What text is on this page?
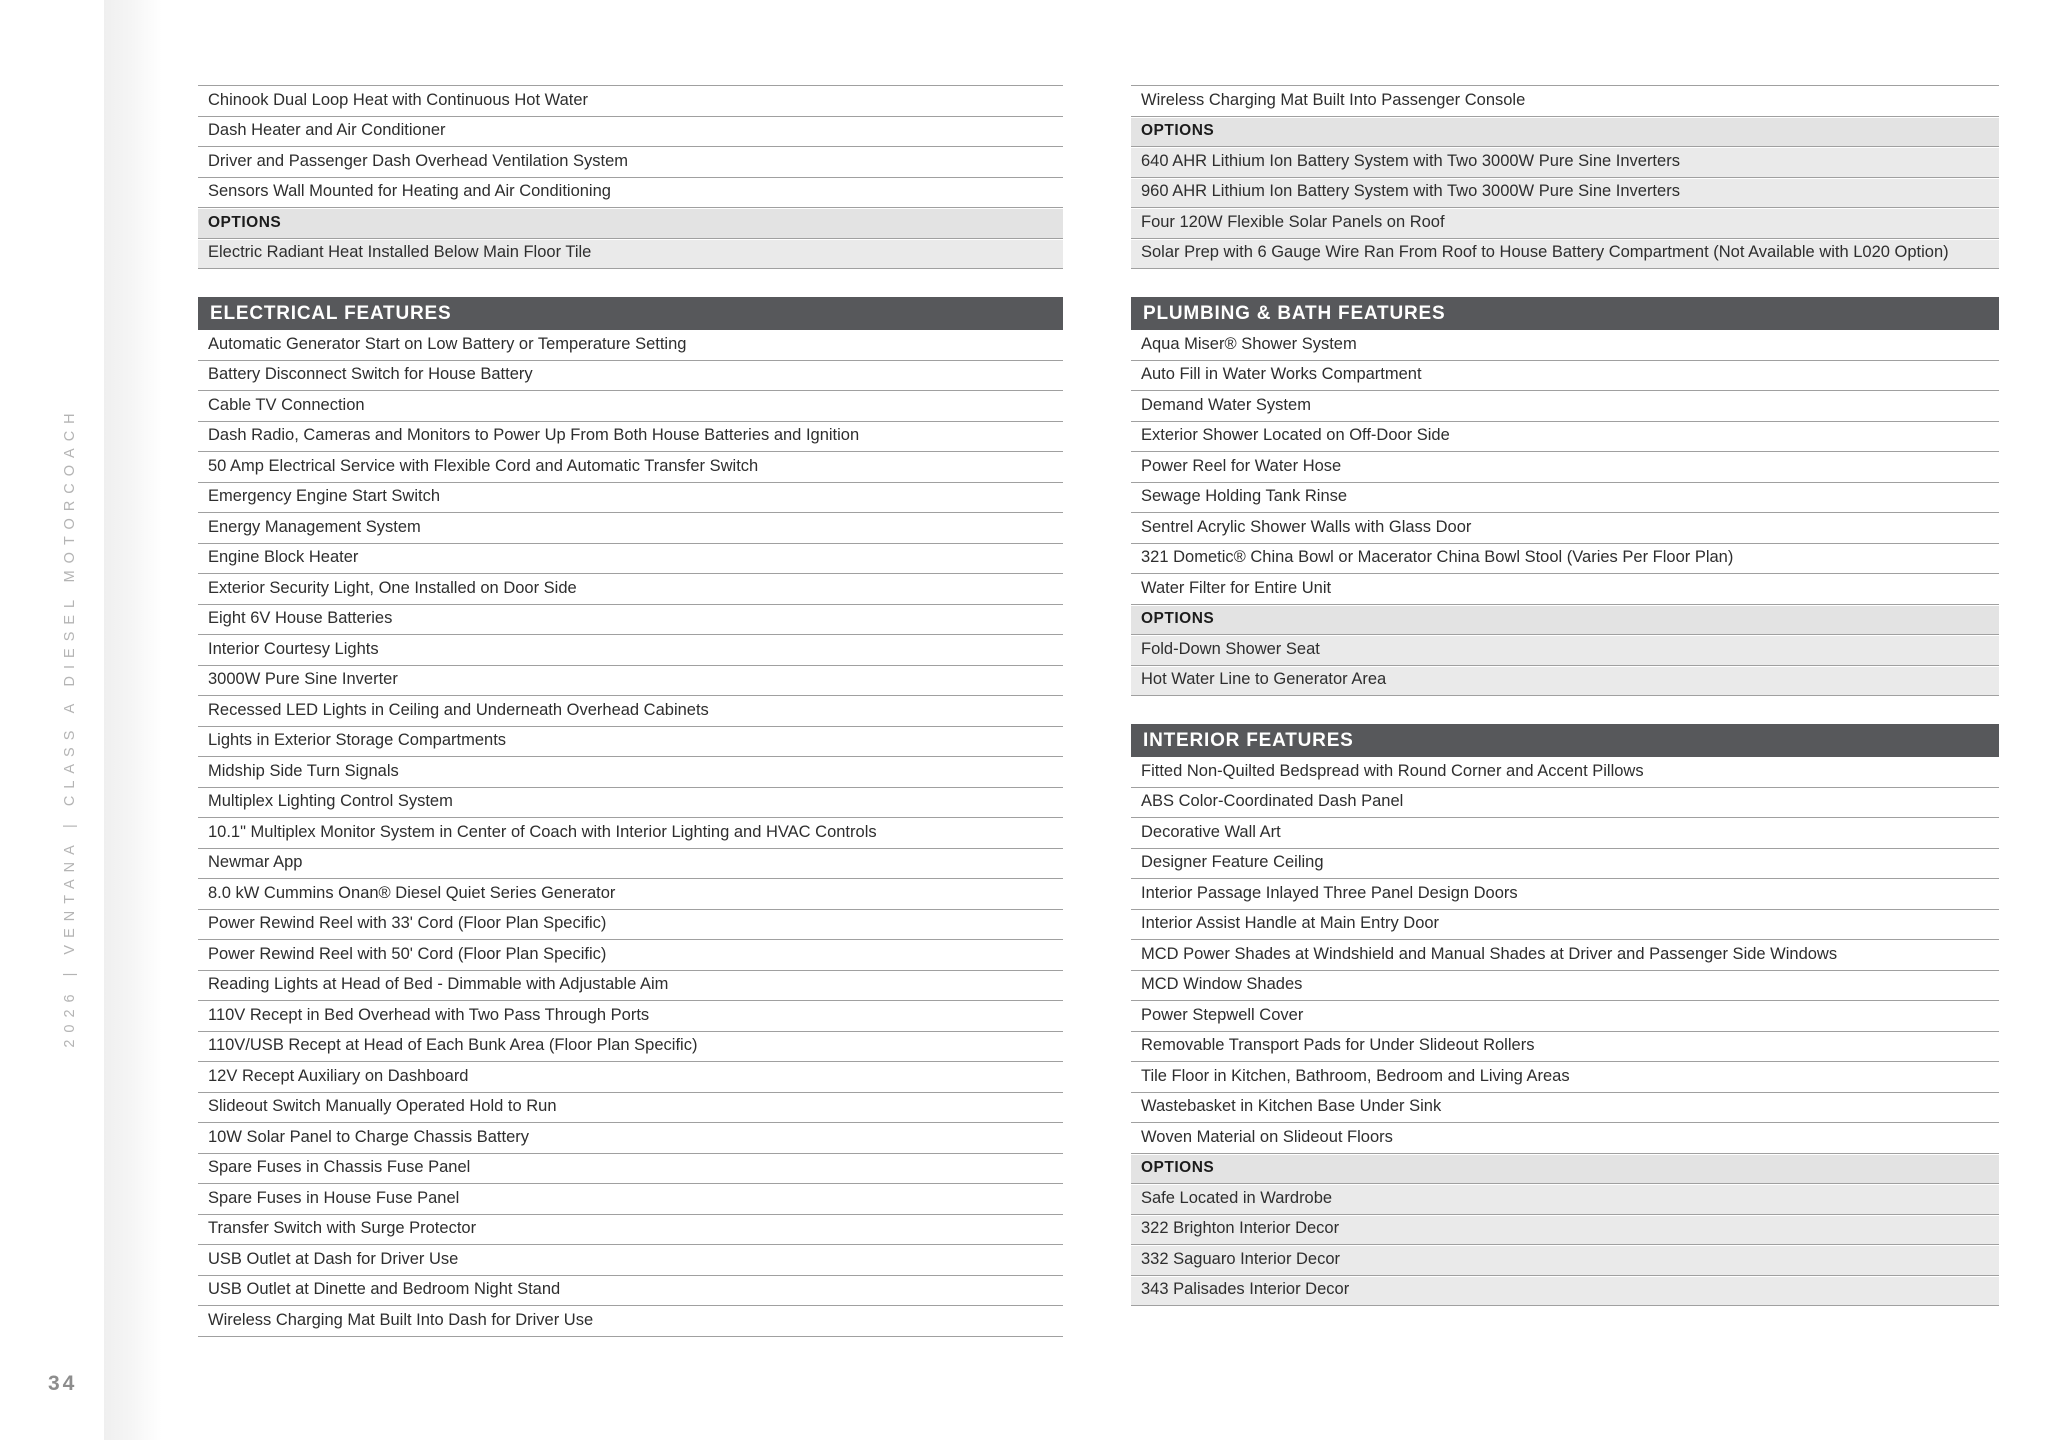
2026 | VENTANA | CLASS A DIESEL MOTORCOACH
34
Chinook Dual Loop Heat with Continuous Hot Water
Dash Heater and Air Conditioner
Driver and Passenger Dash Overhead Ventilation System
Sensors Wall Mounted for Heating and Air Conditioning
OPTIONS
Electric Radiant Heat Installed Below Main Floor Tile
ELECTRICAL FEATURES
Automatic Generator Start on Low Battery or Temperature Setting
Battery Disconnect Switch for House Battery
Cable TV Connection
Dash Radio, Cameras and Monitors to Power Up From Both House Batteries and Ignition
50 Amp Electrical Service with Flexible Cord and Automatic Transfer Switch
Emergency Engine Start Switch
Energy Management System
Engine Block Heater
Exterior Security Light, One Installed on Door Side
Eight 6V House Batteries
Interior Courtesy Lights
3000W Pure Sine Inverter
Recessed LED Lights in Ceiling and Underneath Overhead Cabinets
Lights in Exterior Storage Compartments
Midship Side Turn Signals
Multiplex Lighting Control System
10.1" Multiplex Monitor System in Center of Coach with Interior Lighting and HVAC Controls
Newmar App
8.0 kW Cummins Onan® Diesel Quiet Series Generator
Power Rewind Reel with 33' Cord (Floor Plan Specific)
Power Rewind Reel with 50' Cord (Floor Plan Specific)
Reading Lights at Head of Bed - Dimmable with Adjustable Aim
110V Recept in Bed Overhead with Two Pass Through Ports
110V/USB Recept at Head of Each Bunk Area (Floor Plan Specific)
12V Recept Auxiliary on Dashboard
Slideout Switch Manually Operated Hold to Run
10W Solar Panel to Charge Chassis Battery
Spare Fuses in Chassis Fuse Panel
Spare Fuses in House Fuse Panel
Transfer Switch with Surge Protector
USB Outlet at Dash for Driver Use
USB Outlet at Dinette and Bedroom Night Stand
Wireless Charging Mat Built Into Dash for Driver Use
Wireless Charging Mat Built Into Passenger Console
OPTIONS
640 AHR Lithium Ion Battery System with Two 3000W Pure Sine Inverters
960 AHR Lithium Ion Battery System with Two 3000W Pure Sine Inverters
Four 120W Flexible Solar Panels on Roof
Solar Prep with 6 Gauge Wire Ran From Roof to House Battery Compartment (Not Available with L020 Option)
PLUMBING & BATH FEATURES
Aqua Miser® Shower System
Auto Fill in Water Works Compartment
Demand Water System
Exterior Shower Located on Off-Door Side
Power Reel for Water Hose
Sewage Holding Tank Rinse
Sentrel Acrylic Shower Walls with Glass Door
321 Dometic® China Bowl or Macerator China Bowl Stool (Varies Per Floor Plan)
Water Filter for Entire Unit
OPTIONS
Fold-Down Shower Seat
Hot Water Line to Generator Area
INTERIOR FEATURES
Fitted Non-Quilted Bedspread with Round Corner and Accent Pillows
ABS Color-Coordinated Dash Panel
Decorative Wall Art
Designer Feature Ceiling
Interior Passage Inlayed Three Panel Design Doors
Interior Assist Handle at Main Entry Door
MCD Power Shades at Windshield and Manual Shades at Driver and Passenger Side Windows
MCD Window Shades
Power Stepwell Cover
Removable Transport Pads for Under Slideout Rollers
Tile Floor in Kitchen, Bathroom, Bedroom and Living Areas
Wastebasket in Kitchen Base Under Sink
Woven Material on Slideout Floors
OPTIONS
Safe Located in Wardrobe
322 Brighton Interior Decor
332 Saguaro Interior Decor
343 Palisades Interior Decor
